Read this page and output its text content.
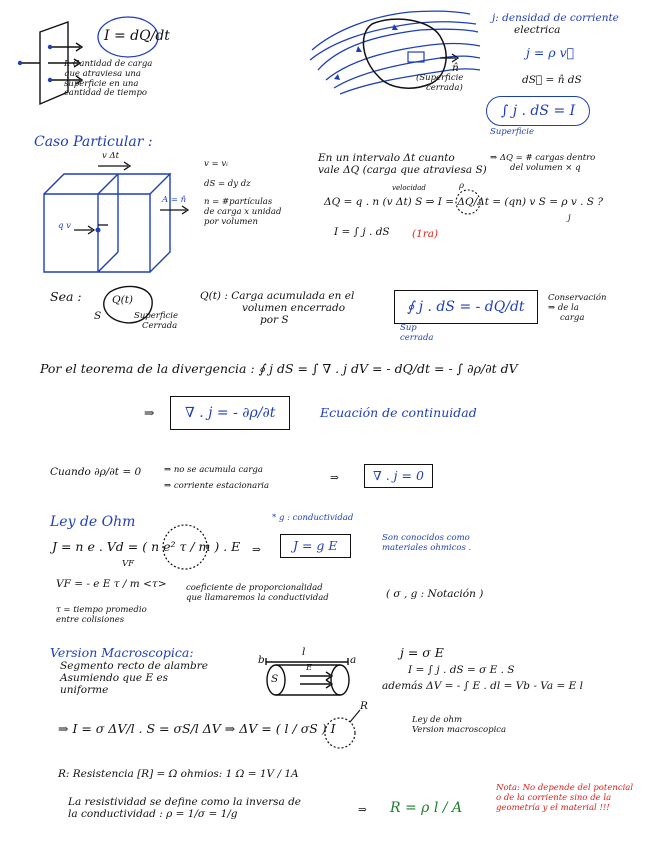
I = dQ/dt
I: Cantidad de carga
que atraviesa una
superficie en una
cantidad de tiempo
(Superficie
cerrada)
n̂
j: densidad de corriente
electrica
j = ρ v⃗
dS⃗ = n̂ dS
∫ j . dS = I
Superficie
Caso Particular :
v Δt
A = n̂
q v
v = vᵢ
dS = dy dz
n = #partículas
de carga x unidad
por volumen
En un intervalo Δt cuanto
vale ΔQ (carga que atraviesa S)
⇒ ΔQ = # cargas dentro
del volumen × q
velocidad	ρ
ΔQ = q . n (v Δt) S ⇒ I = ΔQ/Δt = (qn) v S = ρ v . S ?
j
I = ∫ j . dS (1ra)
Sea :	Q(t)
S	Superficie
Cerrada
Q(t) : Carga acumulada en el
volumen encerrado
por S
∮ j . dS = - dQ/dt
Sup
cerrada
Conservación
⇒ de la
carga
Por el teorema de la divergencia : ∮ j dS = ∫ ∇ . j dV = - dQ/dt = - ∫ ∂ρ/∂t dV
⇒	∇ . j = - ∂ρ/∂t	Ecuación de continuidad
Cuando ∂ρ/∂t = 0	⇒ no se acumula carga
⇒ corriente estacionaria
⇒	∇ . j = 0
Ley de Ohm	* g : conductividad
J = n e . Vd = ( n e² τ / m ) . E
VF
⇒	J = g E	Son conocidos como
materiales ohmicos .
VF = - e E τ / m <τ>
τ = tiempo promedio
entre colisiones
coeficiente de proporcionalidad
que llamaremos la conductividad	( σ , g : Notación )
Version Macroscopica:
Segmento recto de alambre
Asumiendo que E es
uniforme
l
a
b
S
E
j = σ E
I = ∫ j . dS = σ E . S
además ΔV = - ∫ E . dl = Vb - Va = E l
⇒ I = σ ΔV/l . S = σS/l ΔV ⇒ ΔV = ( l / σS ) I
R
Ley de ohm
Version macroscopica
R: Resistencia [R] = Ω ohmios: 1 Ω = 1V / 1A
La resistividad se define como la inversa de
la conductividad : ρ = 1/σ = 1/g	⇒ R = ρ l / A
Nota: No depende del potencial
o de la corriente sino de la
geometría y el material !!!
